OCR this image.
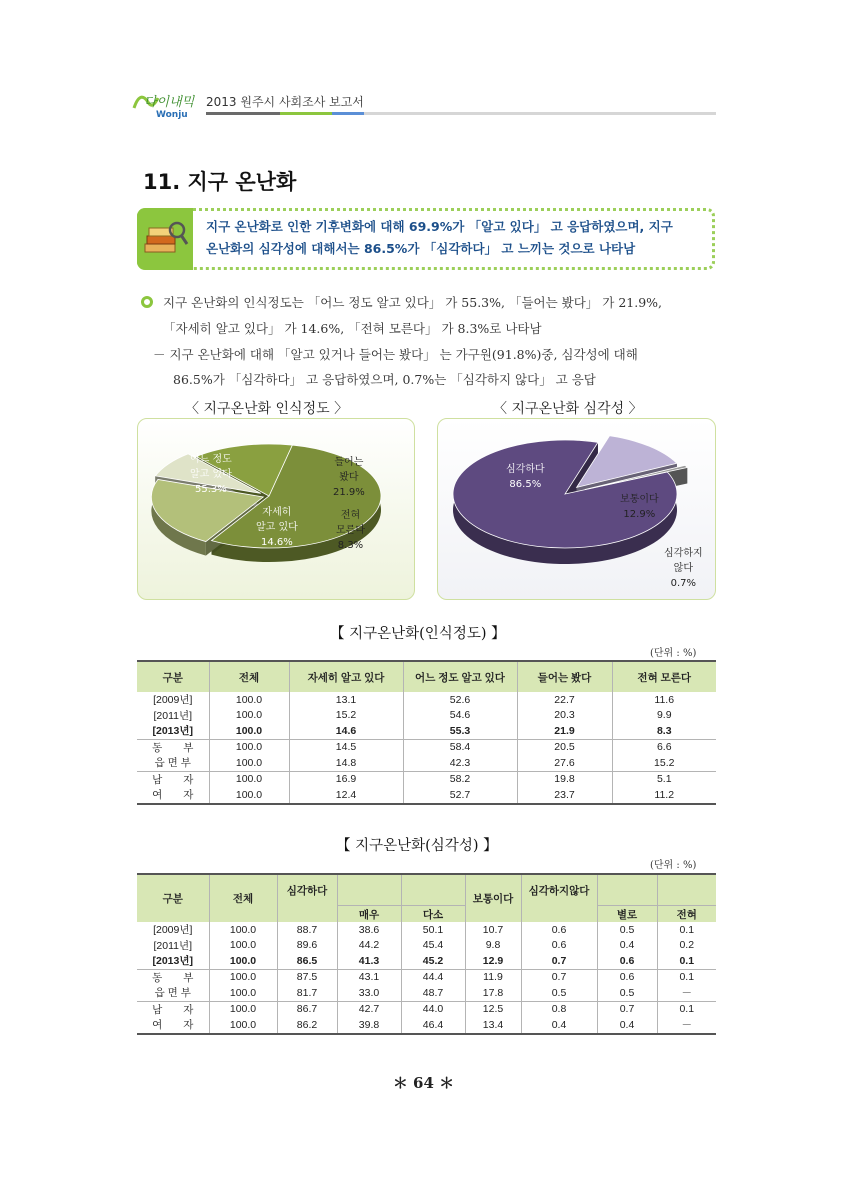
다이내믹
Wonju
2013 원주시 사회조사 보고서
11. 지구 온난화
지구 온난화로 인한 기후변화에 대해 69.9%가 「알고 있다」 고 응답하였으며, 지구
온난화의 심각성에 대해서는 86.5%가 「심각하다」 고 느끼는 것으로 나타남
지구 온난화의 인식정도는 「어느 정도 알고 있다」 가 55.3%, 「들어는 봤다」 가 21.9%,
「자세히 알고 있다」 가 14.6%, 「전혀 모른다」 가 8.3%로 나타남
－ 지구 온난화에 대해 「알고 있거나 들어는 봤다」 는 가구원(91.8%)중, 심각성에 대해
86.5%가 「심각하다」 고 응답하였으며, 0.7%는 「심각하지 않다」 고 응답
〈 지구온난화 인식정도 〉	〈 지구온난화 심각성 〉
어느 정도
알고 있다
55.3%
들어는
봤다
21.9%
전혀
모른다
8.3%
자세히
알고 있다
14.6%
심각하다
86.5%
보통이다
12.9%
심각하지
않다
0.7%
【 지구온난화(인식정도) 】
(단위 : %)
구분	전체	자세히 알고 있다	어느 정도 알고 있다	들어는 봤다	전혀 모른다
[2009년]	100.0	13.1	52.6	22.7	11.6
[2011년]	100.0	15.2	54.6	20.3	9.9
[2013년]	100.0	14.6	55.3	21.9	8.3
동　　부	100.0	14.5	58.4	20.5	6.6
읍 면 부	100.0	14.8	42.3	27.6	15.2
남　　자	100.0	16.9	58.2	19.8	5.1
여　　자	100.0	12.4	52.7	23.7	11.2
【 지구온난화(심각성) 】
(단위 : %)
구분	전체	심각하다			보통이다	심각하지않다		
			매우	다소			별로	전혀
[2009년]	100.0	88.7	38.6	50.1	10.7	0.6	0.5	0.1
[2011년]	100.0	89.6	44.2	45.4	9.8	0.6	0.4	0.2
[2013년]	100.0	86.5	41.3	45.2	12.9	0.7	0.6	0.1
동　　부	100.0	87.5	43.1	44.4	11.9	0.7	0.6	0.1
읍 면 부	100.0	81.7	33.0	48.7	17.8	0.5	0.5	－
남　　자	100.0	86.7	42.7	44.0	12.5	0.8	0.7	0.1
여　　자	100.0	86.2	39.8	46.4	13.4	0.4	0.4	－
＊ 64 ＊
